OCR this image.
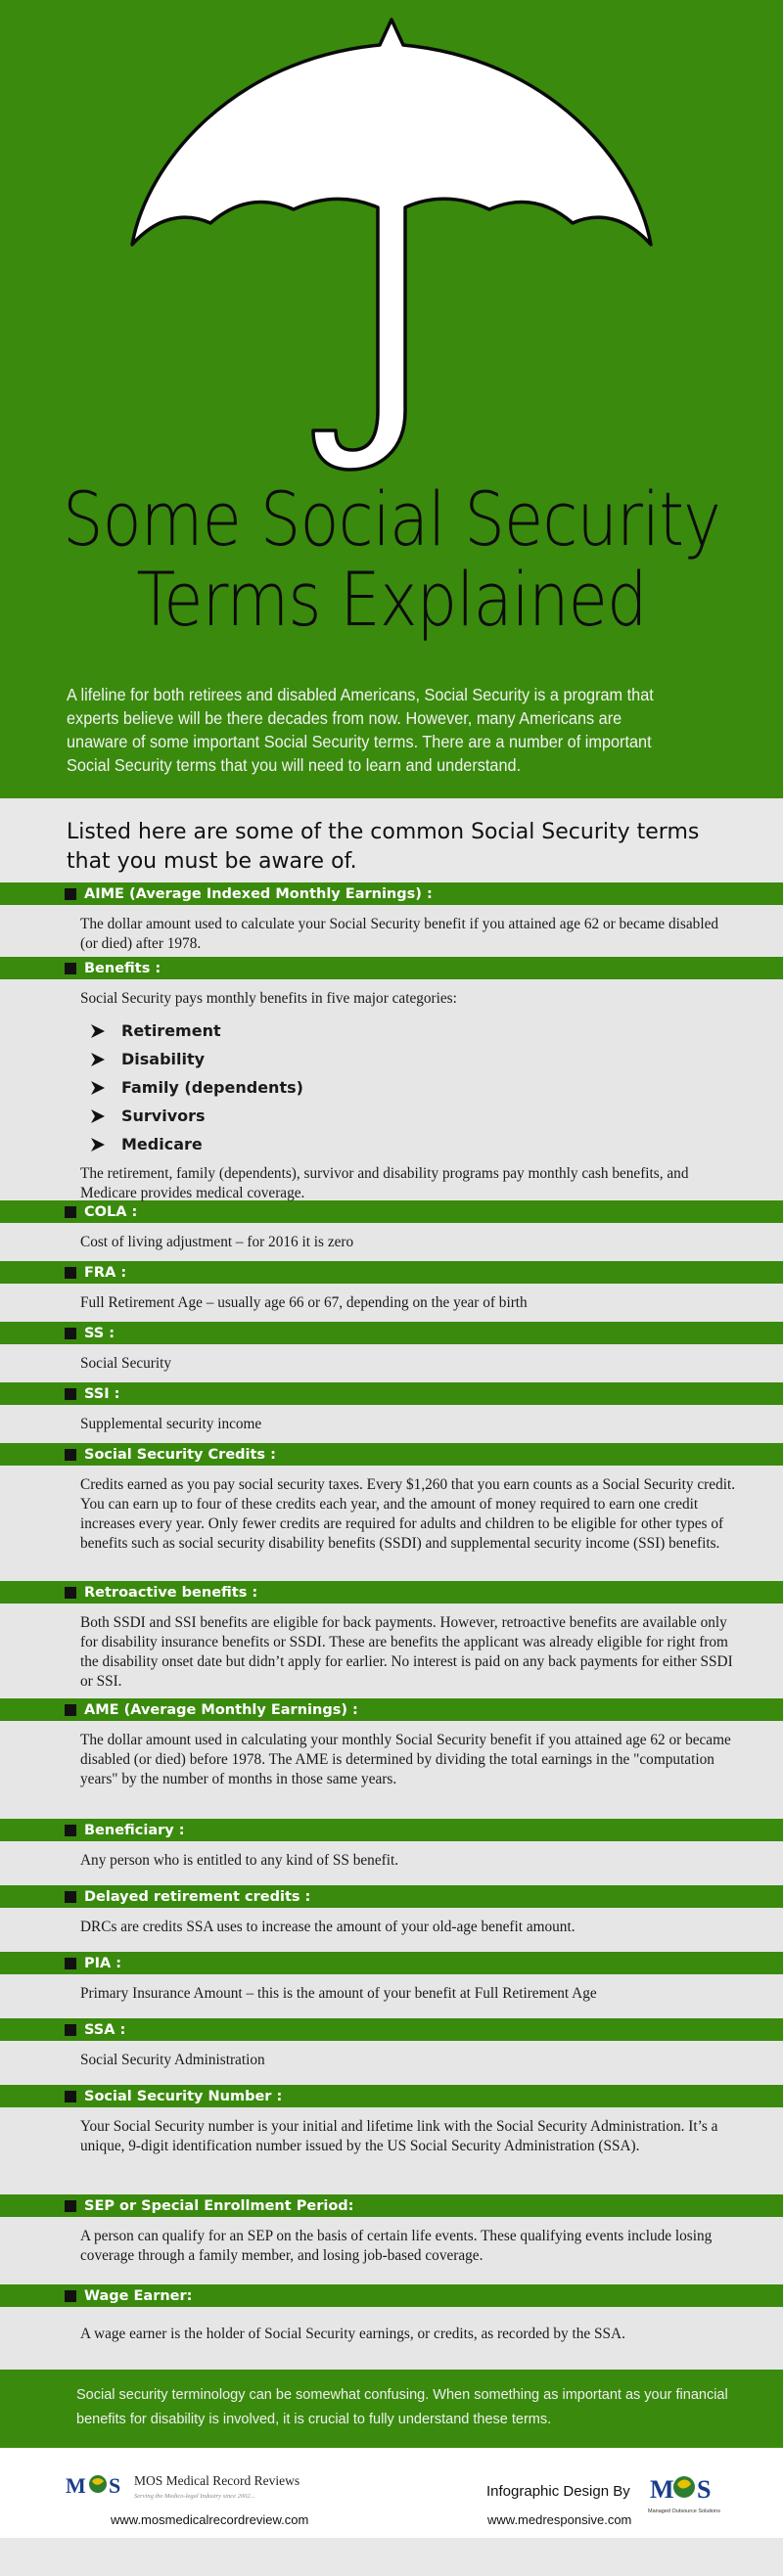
Some Social Security
Terms Explained
A lifeline for both retirees and disabled Americans, Social Security is a program that experts believe will be there decades from now. However, many Americans are unaware of some important Social Security terms. There are a number of important Social Security terms that you will need to learn and understand.
Listed here are some of the common Social Security terms that you must be aware of.
AIME (Average Indexed Monthly Earnings) :

The dollar amount used to calculate your Social Security benefit if you attained age 62 or became disabled (or died) after 1978.

Benefits :

Social Security pays monthly benefits in five major categories:

Retirement
Disability
Family (dependents)
Survivors
Medicare

The retirement, family (dependents), survivor and disability programs pay monthly cash benefits, and Medicare provides medical coverage.

COLA :

Cost of living adjustment – for 2016 it is zero

FRA :

Full Retirement Age – usually age 66 or 67, depending on the year of birth

SS :

Social Security

SSI :

Supplemental security income

Social Security Credits :

Credits earned as you pay social security taxes. Every $1,260 that you earn counts as a Social Security credit. You can earn up to four of these credits each year, and the amount of money required to earn one credit increases every year. Only fewer credits are required for adults and children to be eligible for other types of benefits such as social security disability benefits (SSDI) and supplemental security income (SSI) benefits.

Retroactive benefits :

Both SSDI and SSI benefits are eligible for back payments. However, retroactive benefits are available only for disability insurance benefits or SSDI. These are benefits the applicant was already eligible for right from the disability onset date but didn’t apply for earlier. No interest is paid on any back payments for either SSDI or SSI.

AME (Average Monthly Earnings) :

The dollar amount used in calculating your monthly Social Security benefit if you attained age 62 or became disabled (or died) before 1978. The AME is determined by dividing the total earnings in the "computation years" by the number of months in those same years.

Beneficiary :

Any person who is entitled to any kind of SS benefit.

Delayed retirement credits :

DRCs are credits SSA uses to increase the amount of your old-age benefit amount.

PIA :

Primary Insurance Amount – this is the amount of your benefit at Full Retirement Age

SSA :

Social Security Administration

Social Security Number :

Your Social Security number is your initial and lifetime link with the Social Security Administration. It’s a unique, 9-digit identification number issued by the US Social Security Administration (SSA).

SEP or Special Enrollment Period:

A person can qualify for an SEP on the basis of certain life events. These qualifying events include losing coverage through a family member, and losing job-based coverage.

Wage Earner:

A wage earner is the holder of Social Security earnings, or credits, as recorded by the SSA.

Social security terminology can be somewhat confusing. When something as important as your financial benefits for disability is involved, it is crucial to fully understand these terms.
M S MOS Medical Record Reviews
Serving the Medico-legal Industry since 2002...
www.mosmedicalrecordreview.com
Infographic Design By
www.medresponsive.com
M S
Managed Outsource Solutions
